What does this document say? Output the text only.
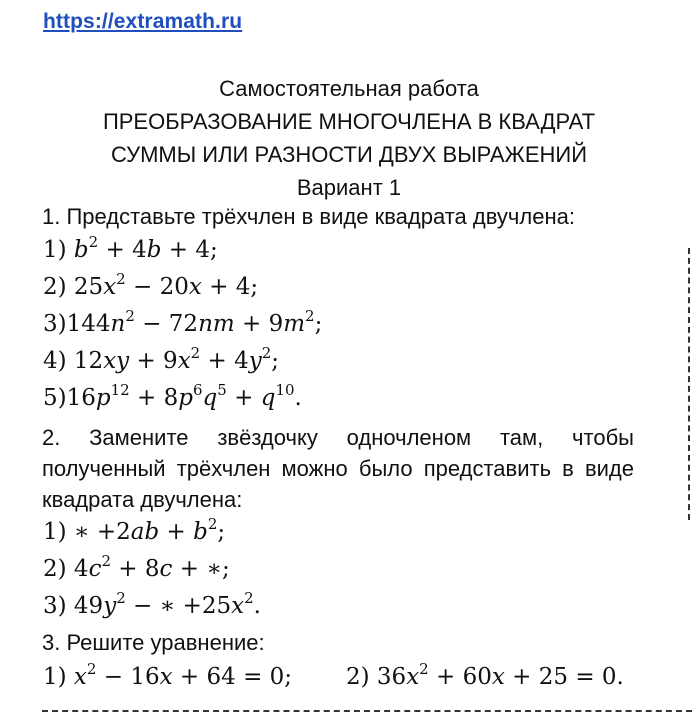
https://extramath.ru
Самостоятельная работа
ПРЕОБРАЗОВАНИЕ МНОГОЧЛЕНА В КВАДРАТ
СУММЫ ИЛИ РАЗНОСТИ ДВУХ ВЫРАЖЕНИЙ
Вариант 1
1. Представьте трёхчлен в виде квадрата двучлена:
1) $b^2 + 4b + 4$;
2) $25x^2 - 20x + 4$;
$3)144n^2 - 72nm + 9m^2$;
4) $12xy + 9x^2 + 4y^2$;
$5)16p^{12} + 8p^6q^5 + q^{10}$.
2. Замените звёздочку одночленом там, чтобы полученный трёхчлен можно было представить в виде квадрата двучлена:
1) ∗ $+2ab + b^2$;
2) $4c^2 + 8c$ + ∗;
3) $49y^2$ − ∗ $+25x^2$.
3. Решите уравнение:
1) $x^2 - 16x + 64 = 0$; 2) $36x^2 + 60x + 25 = 0$.
